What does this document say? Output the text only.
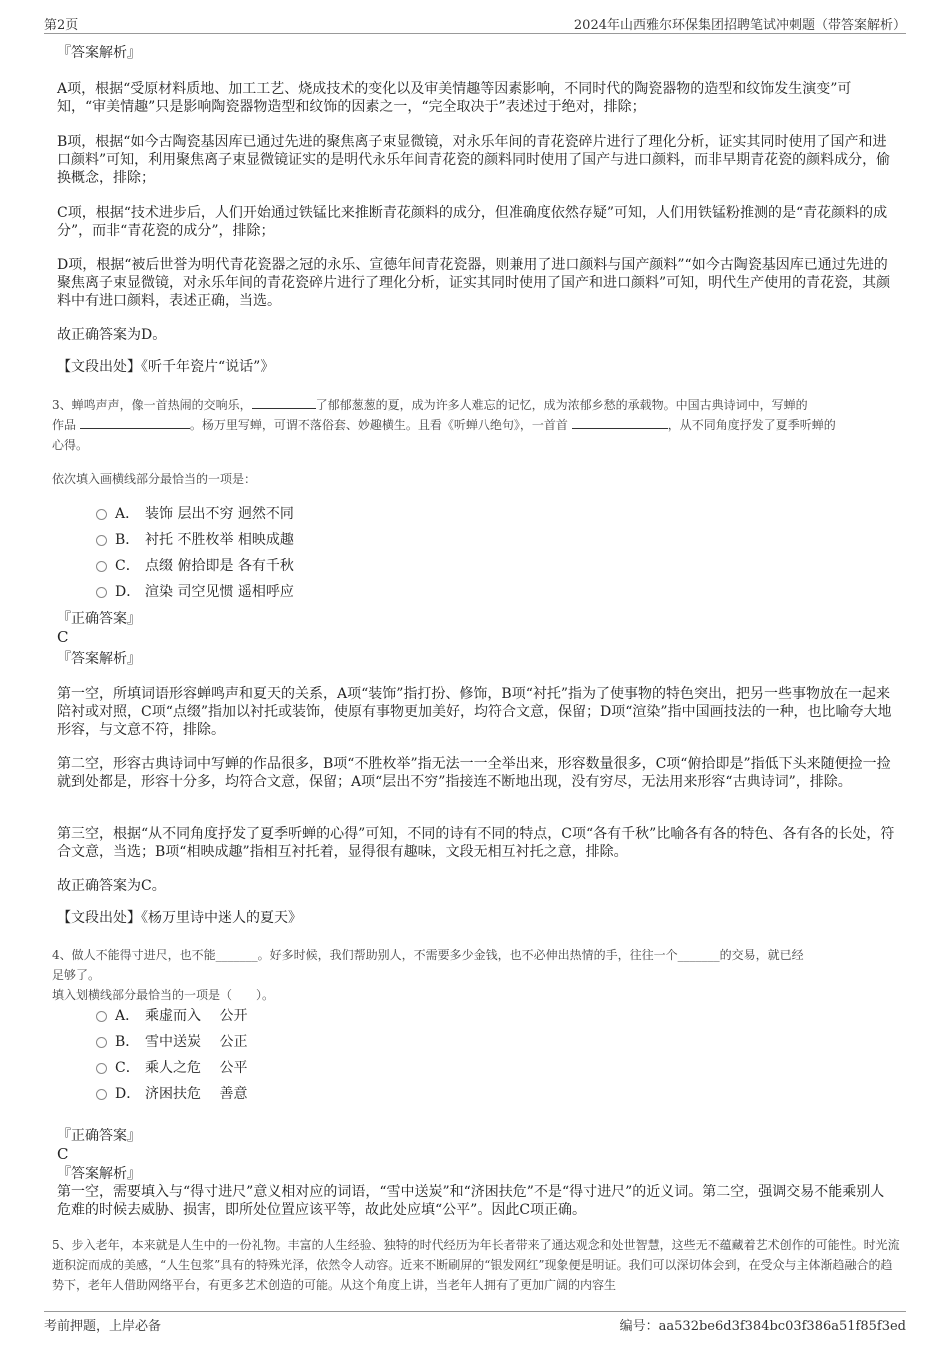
第2页	2024年山西雅尔环保集团招聘笔试冲刺题（带答案解析）

『答案解析』

A项，根据“受原材料质地、加工工艺、烧成技术的变化以及审美情趣等因素影响，不同时代的陶瓷器物的造型和纹饰发生演变”可知，“审美情趣”只是影响陶瓷器物造型和纹饰的因素之一，“完全取决于”表述过于绝对，排除；

B项，根据“如今古陶瓷基因库已通过先进的聚焦离子束显微镜，对永乐年间的青花瓷碎片进行了理化分析，证实其同时使用了国产和进口颜料”可知，利用聚焦离子束显微镜证实的是明代永乐年间青花瓷的颜料同时使用了国产与进口颜料，而非早期青花瓷的颜料成分，偷换概念，排除；

C项，根据“技术进步后，人们开始通过铁锰比来推断青花颜料的成分，但准确度依然存疑”可知，人们用铁锰粉推测的是“青花颜料的成分”，而非“青花瓷的成分”，排除；

D项，根据“被后世誉为明代青花瓷器之冠的永乐、宣德年间青花瓷器，则兼用了进口颜料与国产颜料”“如今古陶瓷基因库已通过先进的聚焦离子束显微镜，对永乐年间的青花瓷碎片进行了理化分析，证实其同时使用了国产和进口颜料”可知，明代生产使用的青花瓷，其颜料中有进口颜料，表述正确，当选。

故正确答案为D。

【文段出处】《听千年瓷片“说话”》

3、蝉鸣声声，像一首热闹的交响乐，	了郁郁葱葱的夏，成为许多人难忘的记忆，成为浓郁乡愁的承载物。中国古典诗词中，写蝉的
作品	。杨万里写蝉，可谓不落俗套、妙趣横生。且看《听蝉八绝句》，一首首	，从不同角度抒发了夏季听蝉的
心得。

依次填入画横线部分最恰当的一项是：

A． 装饰 层出不穷 迥然不同
B． 衬托 不胜枚举 相映成趣
C． 点缀 俯拾即是 各有千秋
D． 渲染 司空见惯 遥相呼应

『正确答案』

C

『答案解析』

第一空，所填词语形容蝉鸣声和夏天的关系，A项“装饰”指打扮、修饰，B项“衬托”指为了使事物的特色突出，把另一些事物放在一起来陪衬或对照，C项“点缀”指加以衬托或装饰，使原有事物更加美好，均符合文意，保留；D项“渲染”指中国画技法的一种，也比喻夸大地形容，与文意不符，排除。

第二空，形容古典诗词中写蝉的作品很多，B项“不胜枚举”指无法一一全举出来，形容数量很多，C项“俯拾即是”指低下头来随便捡一捡就到处都是，形容十分多，均符合文意，保留；A项“层出不穷”指接连不断地出现，没有穷尽，无法用来形容“古典诗词”，排除。

第三空，根据“从不同角度抒发了夏季听蝉的心得”可知，不同的诗有不同的特点，C项“各有千秋”比喻各有各的特色、各有各的长处，符合文意，当选；B项“相映成趣”指相互衬托着，显得很有趣味，文段无相互衬托之意，排除。

故正确答案为C。

【文段出处】《杨万里诗中迷人的夏天》

4、做人不能得寸进尺，也不能_______。好多时候，我们帮助别人，不需要多少金钱，也不必伸出热情的手，往往一个_______的交易，就已经
足够了。
填入划横线部分最恰当的一项是（　　）。

A． 乘虚而入　 公开
B． 雪中送炭　 公正
C． 乘人之危　 公平
D． 济困扶危　 善意

『正确答案』

C

『答案解析』

第一空，需要填入与“得寸进尺”意义相对应的词语，“雪中送炭”和“济困扶危”不是“得寸进尺”的近义词。第二空，强调交易不能乘别人危难的时候去威胁、损害，即所处位置应该平等，故此处应填“公平”。因此C项正确。

5、步入老年，本来就是人生中的一份礼物。丰富的人生经验、独特的时代经历为年长者带来了通达观念和处世智慧，这些无不蕴藏着艺术创作的可能性。时光流逝积淀而成的美感，“人生包浆”具有的特殊光泽，依然令人动容。近来不断刷屏的“银发网红”现象便是明证。我们可以深切体会到，在受众与主体渐趋融合的趋势下，老年人借助网络平台，有更多艺术创造的可能。从这个角度上讲，当老年人拥有了更加广阔的内容生

考前押题，上岸必备	编号：aa532be6d3f384bc03f386a51f85f3ed
